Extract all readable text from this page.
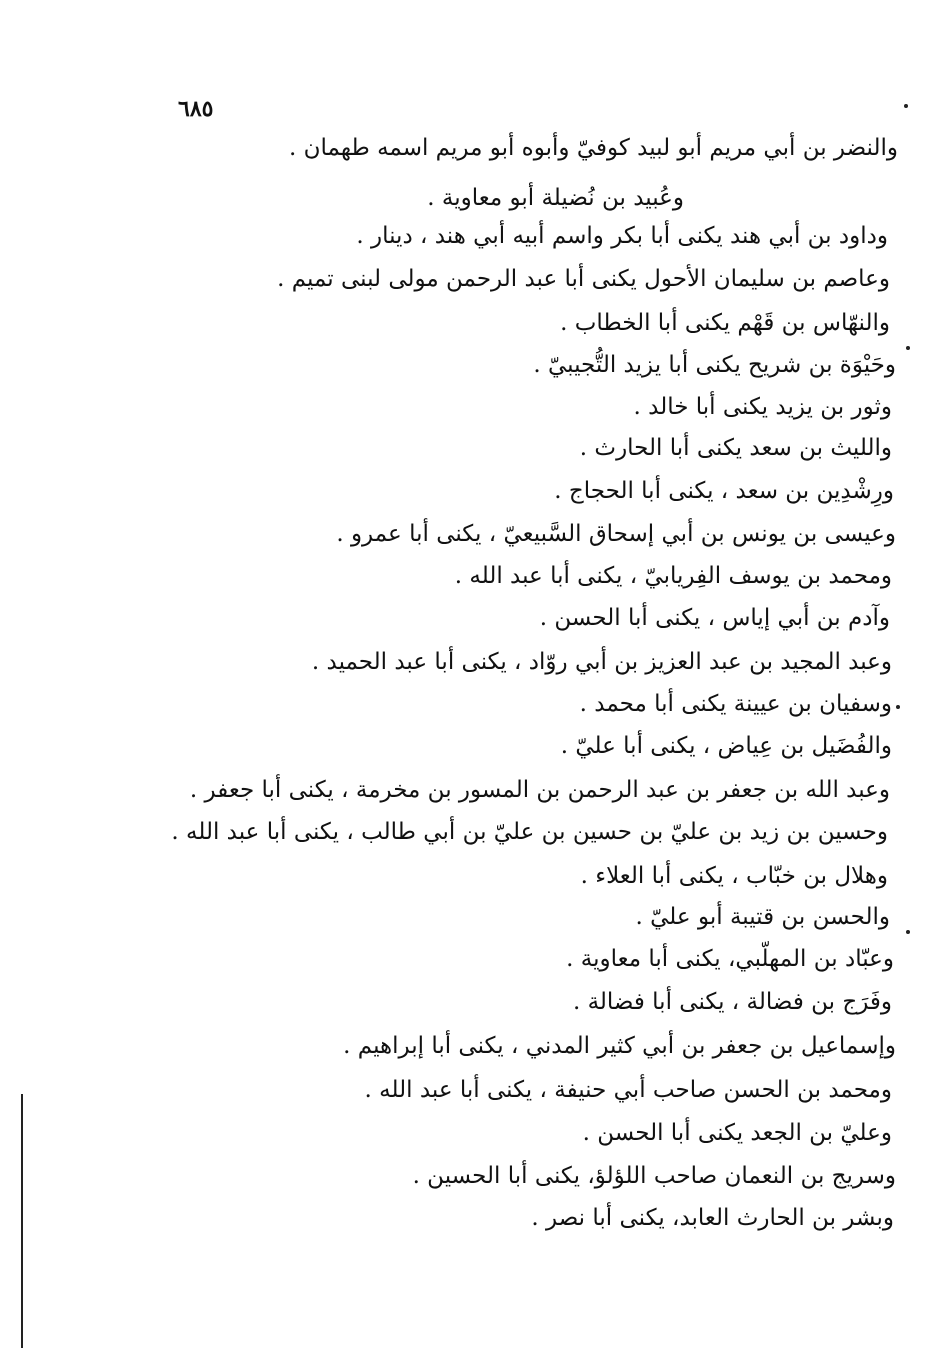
٦٨٥
والنضر بن أبي مريم أبو لبيد كوفيّ وأبوه أبو مريم اسمه طهمان .
وعُبيد بن نُضيلة أبو معاوية .
وداود بن أبي هند يكنى أبا بكر واسم أبيه أبي هند ، دينار .
وعاصم بن سليمان الأحول يكنى أبا عبد الرحمن مولى لبنى تميم .
والنهّاس بن قَهْم يكنى أبا الخطاب .
وحَيْوَة بن شريح يكنى أبا يزيد التُّجيبيّ .
وثور بن يزيد يكنى أبا خالد .
والليث بن سعد يكنى أبا الحارث .
ورِشْدِين بن سعد ، يكنى أبا الحجاج .
وعيسى بن يونس بن أبي إسحاق السَّبيعيّ ، يكنى أبا عمرو .
ومحمد بن يوسف الفِريابيّ ، يكنى أبا عبد الله .
وآدم بن أبي إياس ، يكنى أبا الحسن .
وعبد المجيد بن عبد العزيز بن أبي روّاد ، يكنى أبا عبد الحميد .
وسفيان بن عيينة يكنى أبا محمد .
والفُضَيل بن عِياض ، يكنى أبا عليّ .
وعبد الله بن جعفر بن عبد الرحمن بن المسور بن مخرمة ، يكنى أبا جعفر .
وحسين بن زيد بن عليّ بن حسين بن عليّ بن أبي طالب ، يكنى أبا عبد الله .
وهلال بن خبّاب ، يكنى أبا العلاء .
والحسن بن قتيبة أبو عليّ .
وعبّاد بن المهلّبي، يكنى أبا معاوية .
وفَرَج بن فضالة ، يكنى أبا فضالة .
وإسماعيل بن جعفر بن أبي كثير المدني ، يكنى أبا إبراهيم .
ومحمد بن الحسن صاحب أبي حنيفة ، يكنى أبا عبد الله .
وعليّ بن الجعد يكنى أبا الحسن .
وسريج بن النعمان صاحب اللؤلؤ، يكنى أبا الحسين .
وبشر بن الحارث العابد، يكنى أبا نصر .
